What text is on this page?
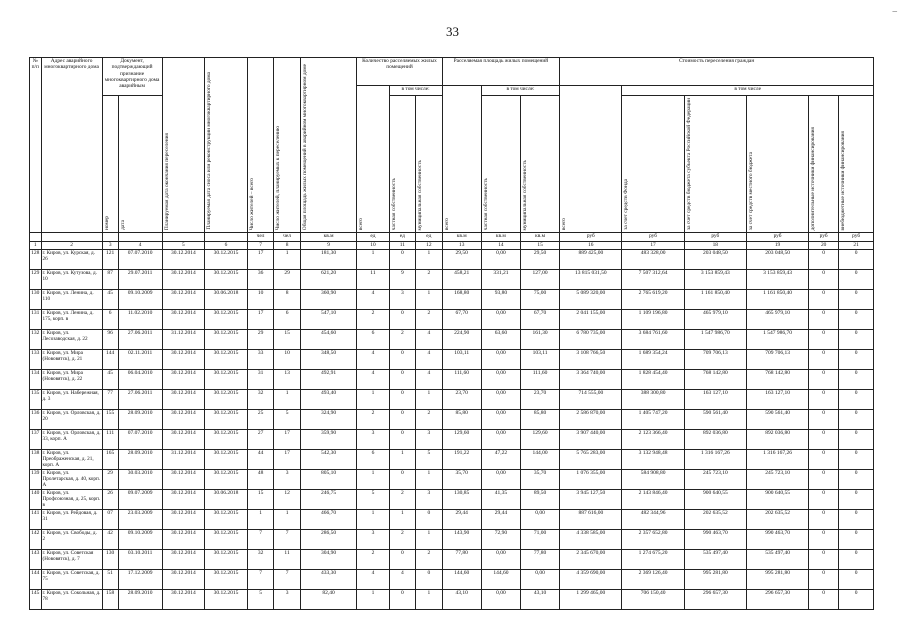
–
33
№ п/п	Адрес аварийного многоквартирного дома	Документ, подтверждающий признание многоквартирного дома аварийным		Планируемая дата окончания переселения	Планируемая дата сноса или реконструкции многоквартирного дома	Число жителей – всего	Число жителей, планируемых к переселению	Общая площадь жилых помещений в аварийном многоквартирном доме	Количество расселяемых жилых помещений			Расселяемая площадь жилых помещений			Стоимость переселения граждан					

									всего	в том числе:		всего	в том числе:		всего	в том числе				

		номер	дата							частная собственность	муниципальная собственность		частная собственность	муниципальная собственность		за счет средств Фонда	за счет средств бюджета субъекта Российской Федерации	за счет средств местного бюджета	дополнительные источники финансирования	внебюджетные источники финансирования

						чел	чел	кв.м	ед	ед	ед	кв.м	кв.м	кв.м	руб	руб	руб	руб	руб	руб
1	2	3	4	5	6	7	8	9	10	11	12	13	14	15	16	17	18	19	20	21
128	г. Киров, ул. Курская, д. 26	121	07.07.2010	30.12.2014	30.12.2015	17	1	181,30	1	0	1	29,50	0,00	29,50	889 425,00	483 328,00	203 048,50	203 048,50	0	0
129	г. Киров, ул. Кутузова, д. 10	87	29.07.2011	30.12.2014	30.12.2015	36	29	621,20	11	9	2	458,21	331,21	127,00	13 815 031,50	7 507 312,64	3 153 859,43	3 153 859,43	0	0
130	г. Киров, ул. Ленина, д. 110	45	09.10.2009	30.12.2014	30.06.2018	10	8	360,90	4	3	1	168,80	93,80	75,00	5 089 320,00	2 765 619,20	1 161 850,40	1 161 850,40	0	0
131	г. Киров, ул. Ленина, д. 175, корп. в	6	11.02.2010	30.12.2014	30.12.2015	17	6	547,10	2	0	2	67,70	0,00	67,70	2 041 155,00	1 109 196,80	465 979,10	465 979,10	0	0
132	г. Киров, ул. Лесозаводская, д. 22	96	27.06.2011	31.12.2014	30.12.2015	29	15	454,60	6	2	4	224,90	63,60	161,30	6 780 735,00	3 684 761,60	1 547 986,70	1 547 986,70	0	0
133	г. Киров, ул. Мира (Нововятск), д. 21	144	02.11.2011	30.12.2014	30.12.2015	33	10	348,50	4	0	4	103,11	0,00	103,11	3 108 766,50	1 689 354,24	709 706,13	709 706,13	0	0
134	г. Киров, ул. Мира (Нововятск), д. 22	45	06.04.2010	30.12.2014	30.12.2015	31	13	492,91	4	0	4	111,60	0,00	111,60	3 364 740,00	1 828 454,40	768 142,80	768 142,80	0	0
135	г. Киров, ул. Набережная, д. 3	77	27.06.2011	30.12.2014	30.12.2015	32	1	493,40	1	0	1	23,70	0,00	23,70	714 555,00	388 300,80	163 127,10	163 127,10	0	0
136	г. Киров, ул. Орловская, д. 20	155	28.09.2010	30.12.2014	30.12.2015	25	5	324,90	2	0	2	85,80	0,00	85,80	2 586 870,00	1 405 747,20	590 561,40	590 561,40	0	0
137	г. Киров, ул. Орловская, д. 33, корп. А	111	07.07.2010	30.12.2014	30.12.2015	27	17	359,90	3	0	3	129,60	0,00	129,60	3 907 440,00	2 123 366,40	892 036,80	892 036,80	0	0
138	г. Киров, ул. Преображенская, д. 21, корп. А	165	28.09.2010	31.12.2014	30.12.2015	44	17	542,30	6	1	5	191,22	47,22	144,00	5 765 283,00	3 132 948,48	1 316 167,26	1 316 167,26	0	0
139	г. Киров, ул. Пролетарская, д. 40, корп. А	29	30.03.2010	30.12.2014	30.12.2015	48	3	805,10	1	0	1	35,70	0,00	35,70	1 076 355,00	584 908,80	245 723,10	245 723,10	0	0
140	г. Киров, ул. Профсоюзная, д. 25, корп. в	26	09.07.2009	30.12.2014	30.06.2018	15	12	246,75	5	2	3	130,85	41,35	89,50	3 945 127,50	2 143 846,40	900 640,55	900 640,55	0	0
141	г. Киров, ул. Рейдовая, д. 31	07	23.03.2009	30.12.2014	30.12.2015	1	1	466,70	1	1	0	29,44	29,44	0,00	887 616,00	482 344,96	202 635,52	202 635,52	0	0
142	г. Киров, ул. Свободы, д. 2	42	09.10.2009	30.12.2014	30.12.2015	7	7	286,50	3	2	1	143,90	72,90	71,00	4 338 585,00	2 357 652,80	990 463,70	990 463,70	0	0
143	г. Киров, ул. Советская (Нововятск), д. 7	130	03.10.2011	30.12.2014	30.12.2015	32	11	304,90	2	0	2	77,80	0,00	77,80	2 345 670,00	1 274 675,20	535 497,40	535 497,40	0	0
144	г. Киров, ул. Советская, д. 75	51	17.12.2009	30.12.2014	30.12.2015	7	7	433,30	4	4	0	144,60	144,60	0,00	4 359 690,00	2 369 126,40	995 281,80	995 281,80	0	0
145	г. Киров, ул. Сокольная, д. 78	158	28.09.2010	30.12.2014	30.12.2015	5	3	82,40	1	0	1	43,10	0,00	43,10	1 299 465,00	706 150,40	296 657,30	296 657,30	0	0
